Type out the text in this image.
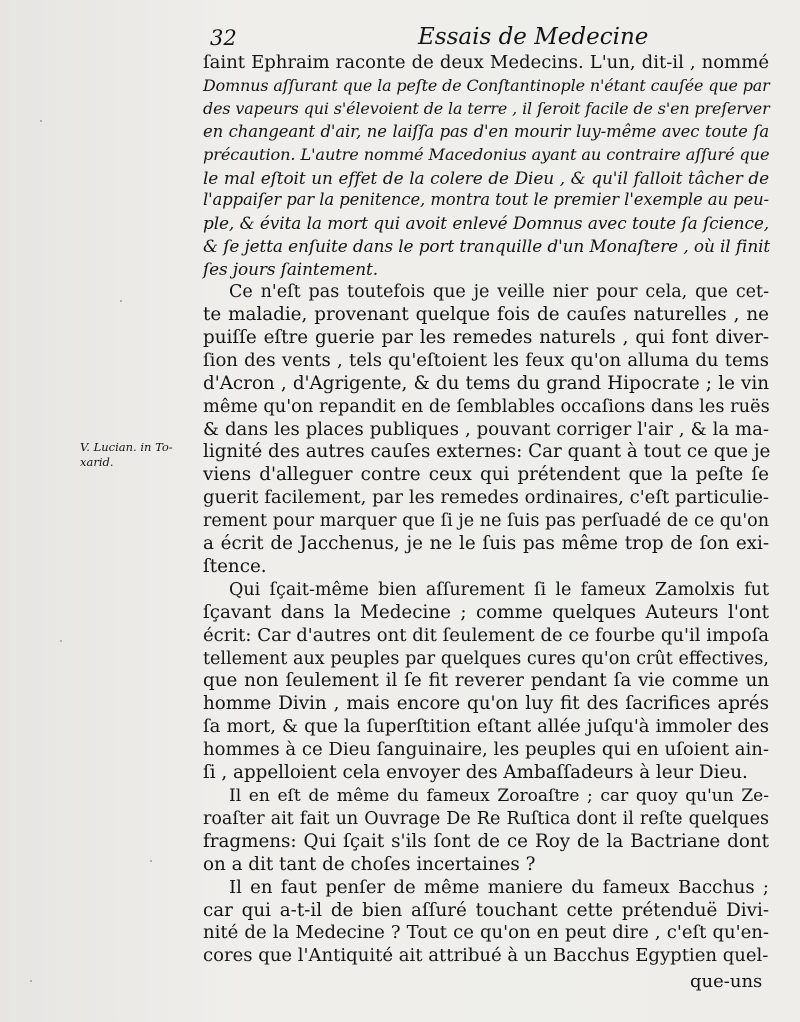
32	Essais de Medecine
V. Lucian. in To-
xarid.
ſaint Ephraim raconte de deux Medecins. L'un, dit-il , nommé
Domnus aſſurant que la peſte de Conſtantinople n'étant cauſée que par
des vapeurs qui s'élevoient de la terre , il ſeroit facile de s'en preſerver
en changeant d'air, ne laiſſa pas d'en mourir luy-même avec toute ſa
précaution. L'autre nommé Macedonius ayant au contraire aſſuré que
le mal eſtoit un effet de la colere de Dieu , & qu'il falloit tâcher de
l'appaiſer par la penitence, montra tout le premier l'exemple au peu-
ple, & évita la mort qui avoit enlevé Domnus avec toute ſa ſcience,
& ſe jetta enſuite dans le port tranquille d'un Monaſtere , où il finit
ſes jours ſaintement.
Ce n'eſt pas toutefois que je veille nier pour cela, que cet-
te maladie, provenant quelque fois de cauſes naturelles , ne
puiſſe eſtre guerie par les remedes naturels , qui font diver-
ſion des vents , tels qu'eſtoient les feux qu'on alluma du tems
d'Acron , d'Agrigente, & du tems du grand Hipocrate ; le vin
même qu'on repandit en de ſemblables occaſions dans les ruës
& dans les places publiques , pouvant corriger l'air , & la ma-
lignité des autres cauſes externes: Car quant à tout ce que je
viens d'alleguer contre ceux qui prétendent que la peſte ſe
guerit facilement, par les remedes ordinaires, c'eſt particulie-
rement pour marquer que ſi je ne ſuis pas perſuadé de ce qu'on
a écrit de Jacchenus, je ne le ſuis pas même trop de ſon exi-
ſtence.
Qui ſçait-même bien aſſurement ſi le fameux Zamolxis fut
ſçavant dans la Medecine ; comme quelques Auteurs l'ont
écrit: Car d'autres ont dit ſeulement de ce fourbe qu'il impoſa
tellement aux peuples par quelques cures qu'on crût effectives,
que non ſeulement il ſe fit reverer pendant ſa vie comme un
homme Divin , mais encore qu'on luy fit des ſacrifices aprés
ſa mort, & que la ſuperſtition eſtant allée juſqu'à immoler des
hommes à ce Dieu ſanguinaire, les peuples qui en uſoient ain-
ſi , appelloient cela envoyer des Ambaſſadeurs à leur Dieu.
Il en eſt de même du fameux Zoroaſtre ; car quoy qu'un Ze-
roaſter ait fait un Ouvrage De Re Ruſtica dont il reſte quelques
fragmens: Qui ſçait s'ils ſont de ce Roy de la Bactriane dont
on a dit tant de choſes incertaines ?
Il en faut penſer de même maniere du fameux Bacchus ;
car qui a-t-il de bien aſſuré touchant cette prétenduë Divi-
nité de la Medecine ? Tout ce qu'on en peut dire , c'eſt qu'en-
cores que l'Antiquité ait attribué à un Bacchus Egyptien quel-
que-uns
